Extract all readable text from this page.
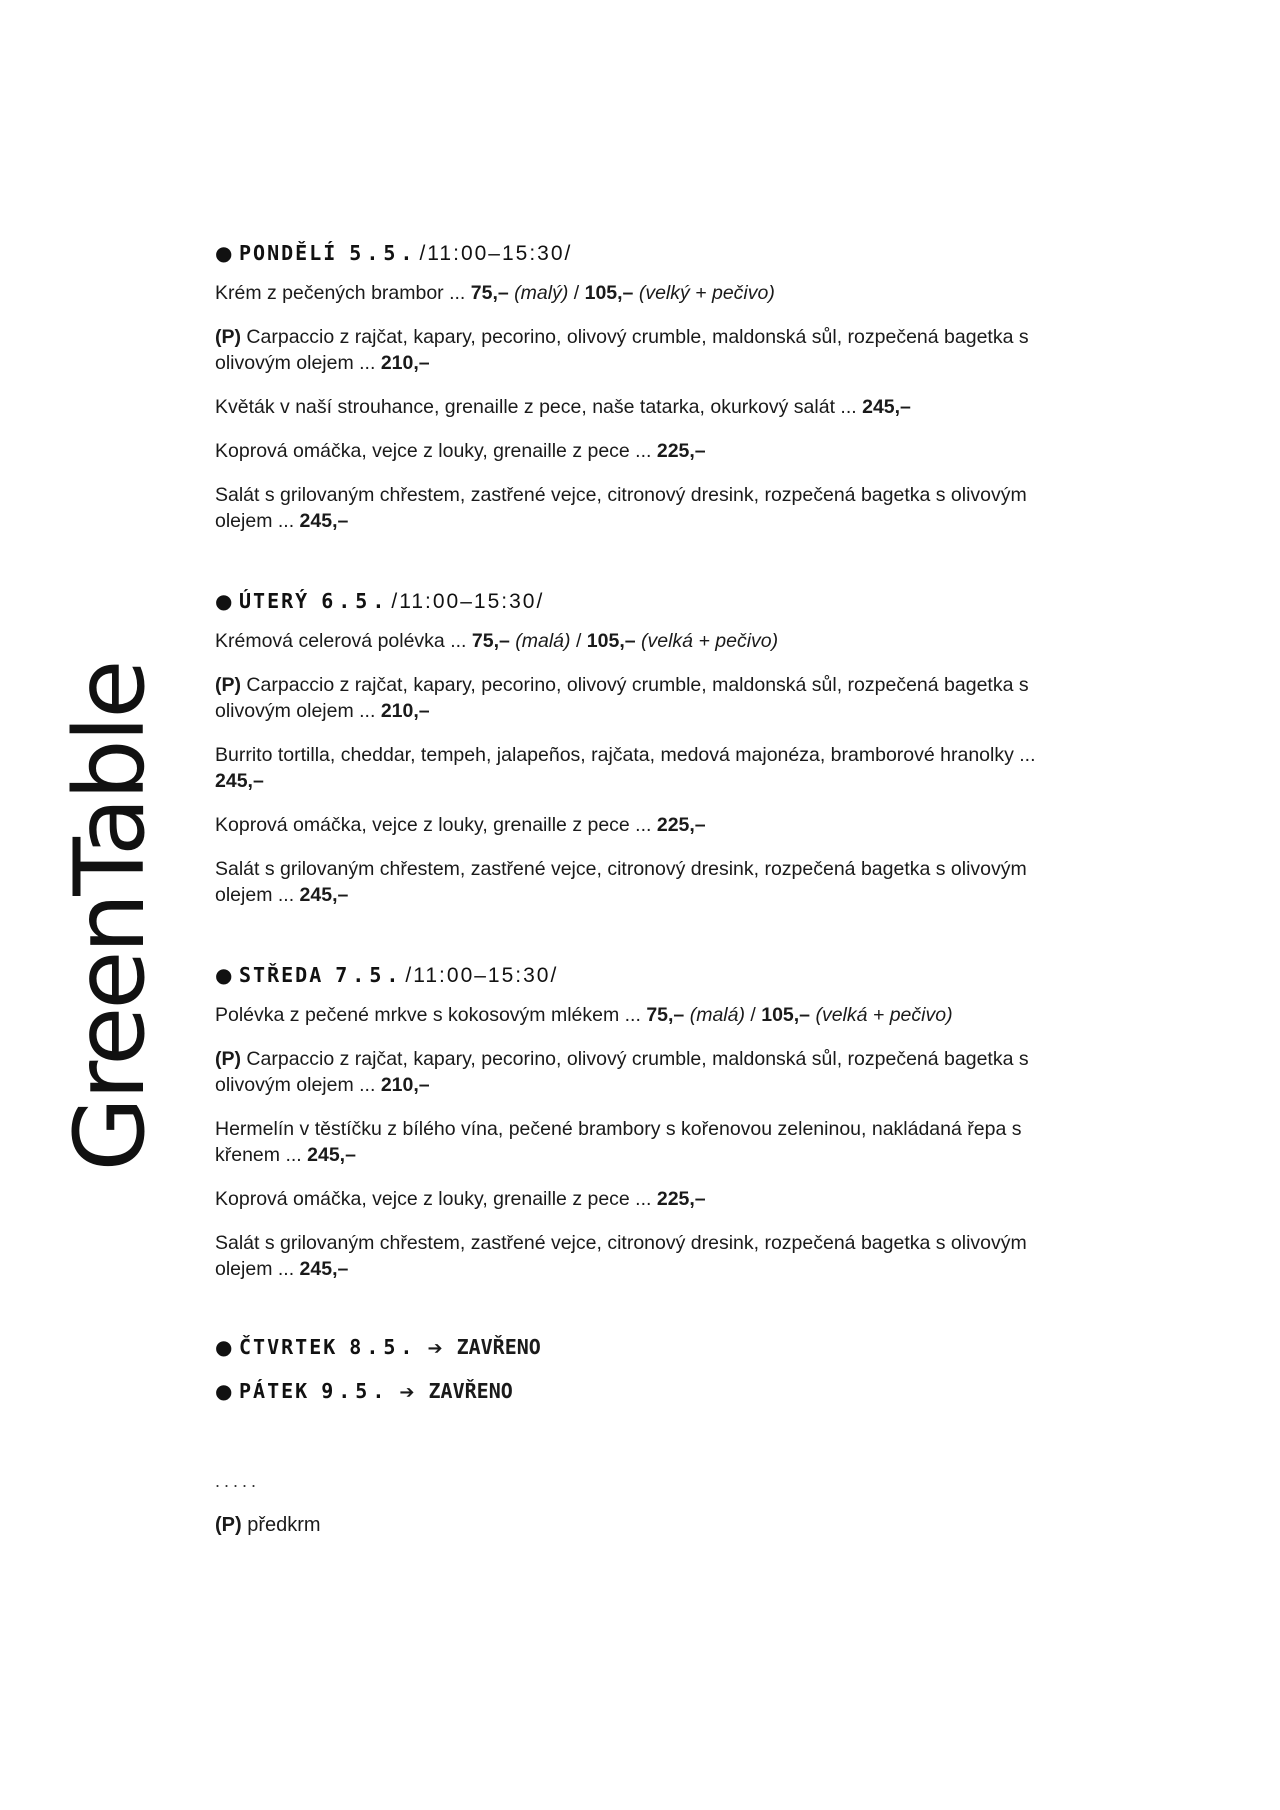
GreenTable
● PONDĚLÍ 5.5./11:00–15:30/
Krém z pečených brambor ... 75,– (malý) / 105,– (velký + pečivo)
(P) Carpaccio z rajčat, kapary, pecorino, olivový crumble, maldonská sůl, rozpečená bagetka s olivovým olejem ... 210,–
Květák v naší strouhance, grenaille z pece, naše tatarka, okurkový salát ... 245,–
Koprová omáčka, vejce z louky, grenaille z pece ... 225,–
Salát s grilovaným chřestem, zastřené vejce, citronový dresink, rozpečená bagetka s olivovým olejem ... 245,–
● ÚTERÝ 6.5./11:00–15:30/
Krémová celerová polévka ... 75,– (malá) / 105,– (velká + pečivo)
(P) Carpaccio z rajčat, kapary, pecorino, olivový crumble, maldonská sůl, rozpečená bagetka s olivovým olejem ... 210,–
Burrito tortilla, cheddar, tempeh, jalapeños, rajčata, medová majonéza, bramborové hranolky ... 245,–
Koprová omáčka, vejce z louky, grenaille z pece ... 225,–
Salát s grilovaným chřestem, zastřené vejce, citronový dresink, rozpečená bagetka s olivovým olejem ... 245,–
● STŘEDA 7.5./11:00–15:30/
Polévka z pečené mrkve s kokosovým mlékem ... 75,– (malá) / 105,– (velká + pečivo)
(P) Carpaccio z rajčat, kapary, pecorino, olivový crumble, maldonská sůl, rozpečená bagetka s olivovým olejem ... 210,–
Hermelín v těstíčku z bílého vína, pečené brambory s kořenovou zeleninou, nakládaná řepa s křenem ... 245,–
Koprová omáčka, vejce z louky, grenaille z pece ... 225,–
Salát s grilovaným chřestem, zastřené vejce, citronový dresink, rozpečená bagetka s olivovým olejem ... 245,–
● ČTVRTEK 8.5. ➔ ZAVŘENO
● PÁTEK 9.5. ➔ ZAVŘENO
.....
(P) předkrm
